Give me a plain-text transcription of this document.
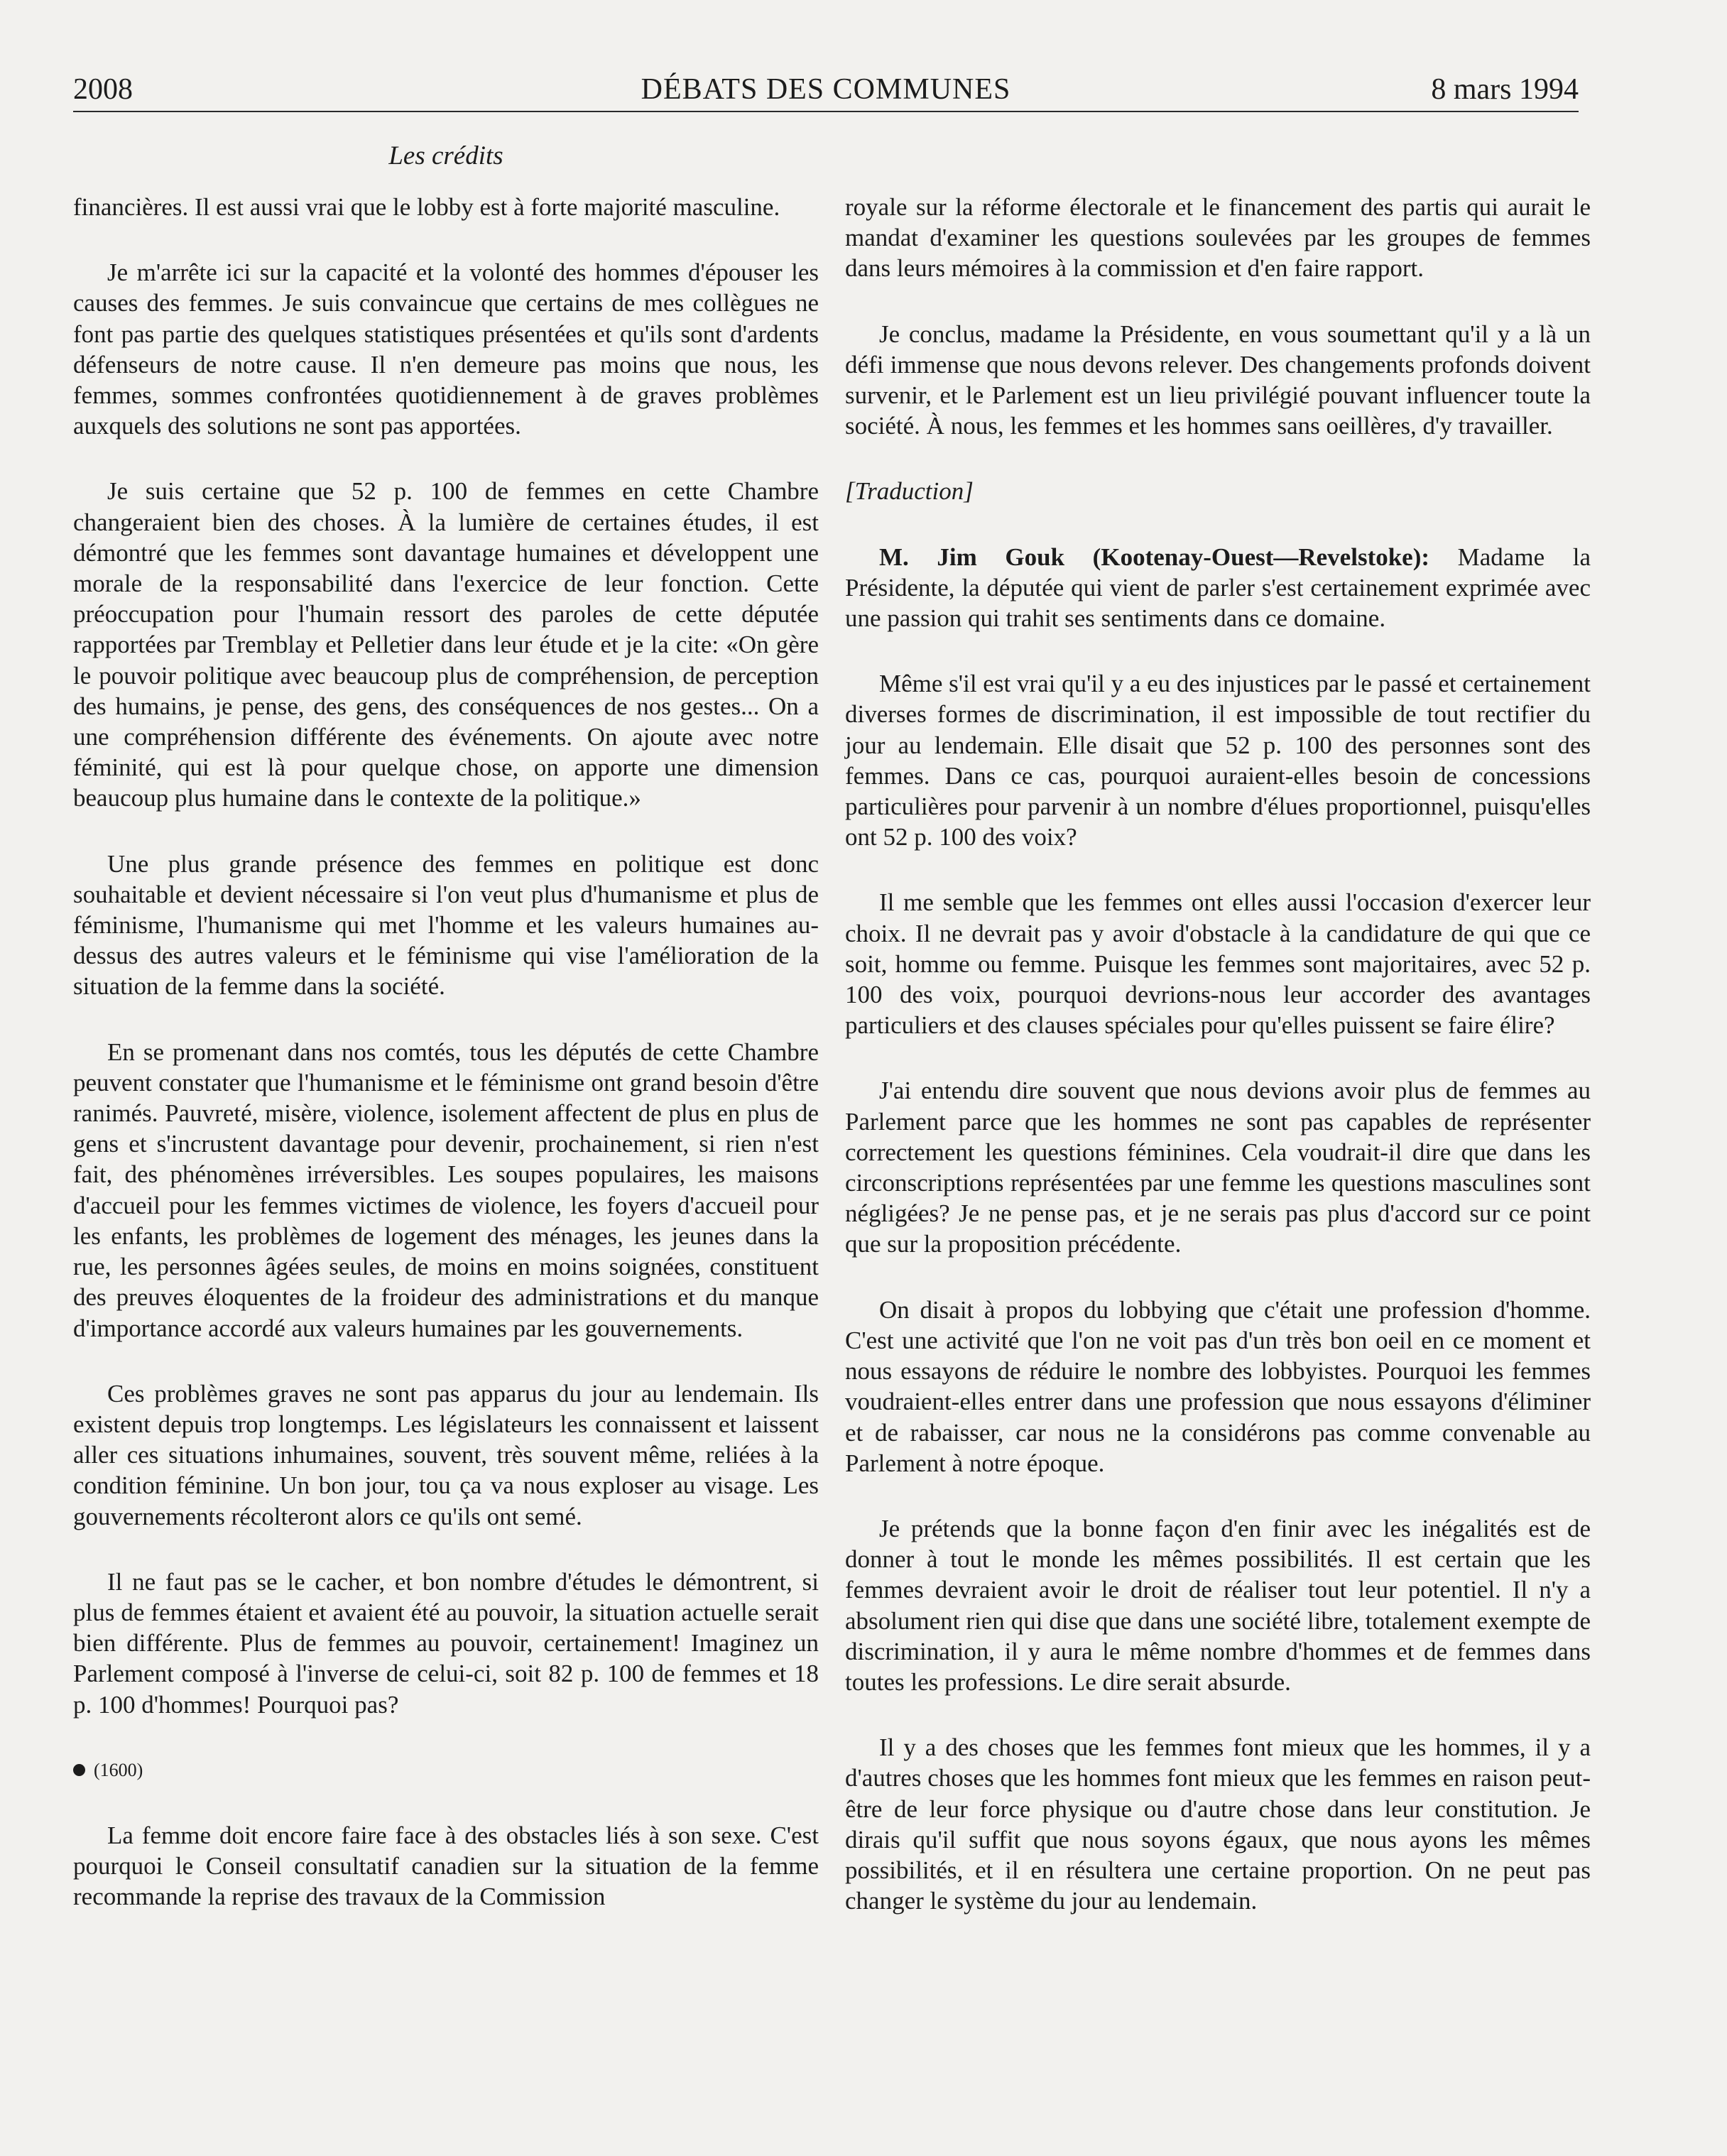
2008	DÉBATS DES COMMUNES	8 mars 1994
Les crédits

financières. Il est aussi vrai que le lobby est à forte majorité masculine.

Je m'arrête ici sur la capacité et la volonté des hommes d'épouser les causes des femmes. Je suis convaincue que certains de mes collègues ne font pas partie des quelques statistiques présentées et qu'ils sont d'ardents défenseurs de notre cause. Il n'en demeure pas moins que nous, les femmes, sommes confrontées quotidiennement à de graves problèmes auxquels des solutions ne sont pas apportées.

Je suis certaine que 52 p. 100 de femmes en cette Chambre changeraient bien des choses. À la lumière de certaines études, il est démontré que les femmes sont davantage humaines et développent une morale de la responsabilité dans l'exercice de leur fonction. Cette préoccupation pour l'humain ressort des paroles de cette députée rapportées par Tremblay et Pelletier dans leur étude et je la cite: «On gère le pouvoir politique avec beaucoup plus de compréhension, de perception des humains, je pense, des gens, des conséquences de nos gestes... On a une compréhension différente des événements. On ajoute avec notre féminité, qui est là pour quelque chose, on apporte une dimension beaucoup plus humaine dans le contexte de la politique.»

Une plus grande présence des femmes en politique est donc souhaitable et devient nécessaire si l'on veut plus d'humanisme et plus de féminisme, l'humanisme qui met l'homme et les valeurs humaines au-dessus des autres valeurs et le féminisme qui vise l'amélioration de la situation de la femme dans la société.

En se promenant dans nos comtés, tous les députés de cette Chambre peuvent constater que l'humanisme et le féminisme ont grand besoin d'être ranimés. Pauvreté, misère, violence, isolement affectent de plus en plus de gens et s'incrustent davantage pour devenir, prochainement, si rien n'est fait, des phénomènes irréversibles. Les soupes populaires, les maisons d'accueil pour les femmes victimes de violence, les foyers d'accueil pour les enfants, les problèmes de logement des ménages, les jeunes dans la rue, les personnes âgées seules, de moins en moins soignées, constituent des preuves éloquentes de la froideur des administrations et du manque d'importance accordé aux valeurs humaines par les gouvernements.

Ces problèmes graves ne sont pas apparus du jour au lendemain. Ils existent depuis trop longtemps. Les législateurs les connaissent et laissent aller ces situations inhumaines, souvent, très souvent même, reliées à la condition féminine. Un bon jour, tou ça va nous exploser au visage. Les gouvernements récolteront alors ce qu'ils ont semé.

Il ne faut pas se le cacher, et bon nombre d'études le démontrent, si plus de femmes étaient et avaient été au pouvoir, la situation actuelle serait bien différente. Plus de femmes au pouvoir, certainement! Imaginez un Parlement composé à l'inverse de celui-ci, soit 82 p. 100 de femmes et 18 p. 100 d'hommes! Pourquoi pas?

(1600)

La femme doit encore faire face à des obstacles liés à son sexe. C'est pourquoi le Conseil consultatif canadien sur la situation de la femme recommande la reprise des travaux de la Commission

royale sur la réforme électorale et le financement des partis qui aurait le mandat d'examiner les questions soulevées par les groupes de femmes dans leurs mémoires à la commission et d'en faire rapport.

Je conclus, madame la Présidente, en vous soumettant qu'il y a là un défi immense que nous devons relever. Des changements profonds doivent survenir, et le Parlement est un lieu privilégié pouvant influencer toute la société. À nous, les femmes et les hommes sans oeillères, d'y travailler.

[Traduction]

M. Jim Gouk (Kootenay-Ouest—Revelstoke): Madame la Présidente, la députée qui vient de parler s'est certainement exprimée avec une passion qui trahit ses sentiments dans ce domaine.

Même s'il est vrai qu'il y a eu des injustices par le passé et certainement diverses formes de discrimination, il est impossible de tout rectifier du jour au lendemain. Elle disait que 52 p. 100 des personnes sont des femmes. Dans ce cas, pourquoi auraient-elles besoin de concessions particulières pour parvenir à un nombre d'élues proportionnel, puisqu'elles ont 52 p. 100 des voix?

Il me semble que les femmes ont elles aussi l'occasion d'exercer leur choix. Il ne devrait pas y avoir d'obstacle à la candidature de qui que ce soit, homme ou femme. Puisque les femmes sont majoritaires, avec 52 p. 100 des voix, pourquoi devrions-nous leur accorder des avantages particuliers et des clauses spéciales pour qu'elles puissent se faire élire?

J'ai entendu dire souvent que nous devions avoir plus de femmes au Parlement parce que les hommes ne sont pas capables de représenter correctement les questions féminines. Cela voudrait-il dire que dans les circonscriptions représentées par une femme les questions masculines sont négligées? Je ne pense pas, et je ne serais pas plus d'accord sur ce point que sur la proposition précédente.

On disait à propos du lobbying que c'était une profession d'homme. C'est une activité que l'on ne voit pas d'un très bon oeil en ce moment et nous essayons de réduire le nombre des lobbyistes. Pourquoi les femmes voudraient-elles entrer dans une profession que nous essayons d'éliminer et de rabaisser, car nous ne la considérons pas comme convenable au Parlement à notre époque.

Je prétends que la bonne façon d'en finir avec les inégalités est de donner à tout le monde les mêmes possibilités. Il est certain que les femmes devraient avoir le droit de réaliser tout leur potentiel. Il n'y a absolument rien qui dise que dans une société libre, totalement exempte de discrimination, il y aura le même nombre d'hommes et de femmes dans toutes les professions. Le dire serait absurde.

Il y a des choses que les femmes font mieux que les hommes, il y a d'autres choses que les hommes font mieux que les femmes en raison peut-être de leur force physique ou d'autre chose dans leur constitution. Je dirais qu'il suffit que nous soyons égaux, que nous ayons les mêmes possibilités, et il en résultera une certaine proportion. On ne peut pas changer le système du jour au lendemain.
